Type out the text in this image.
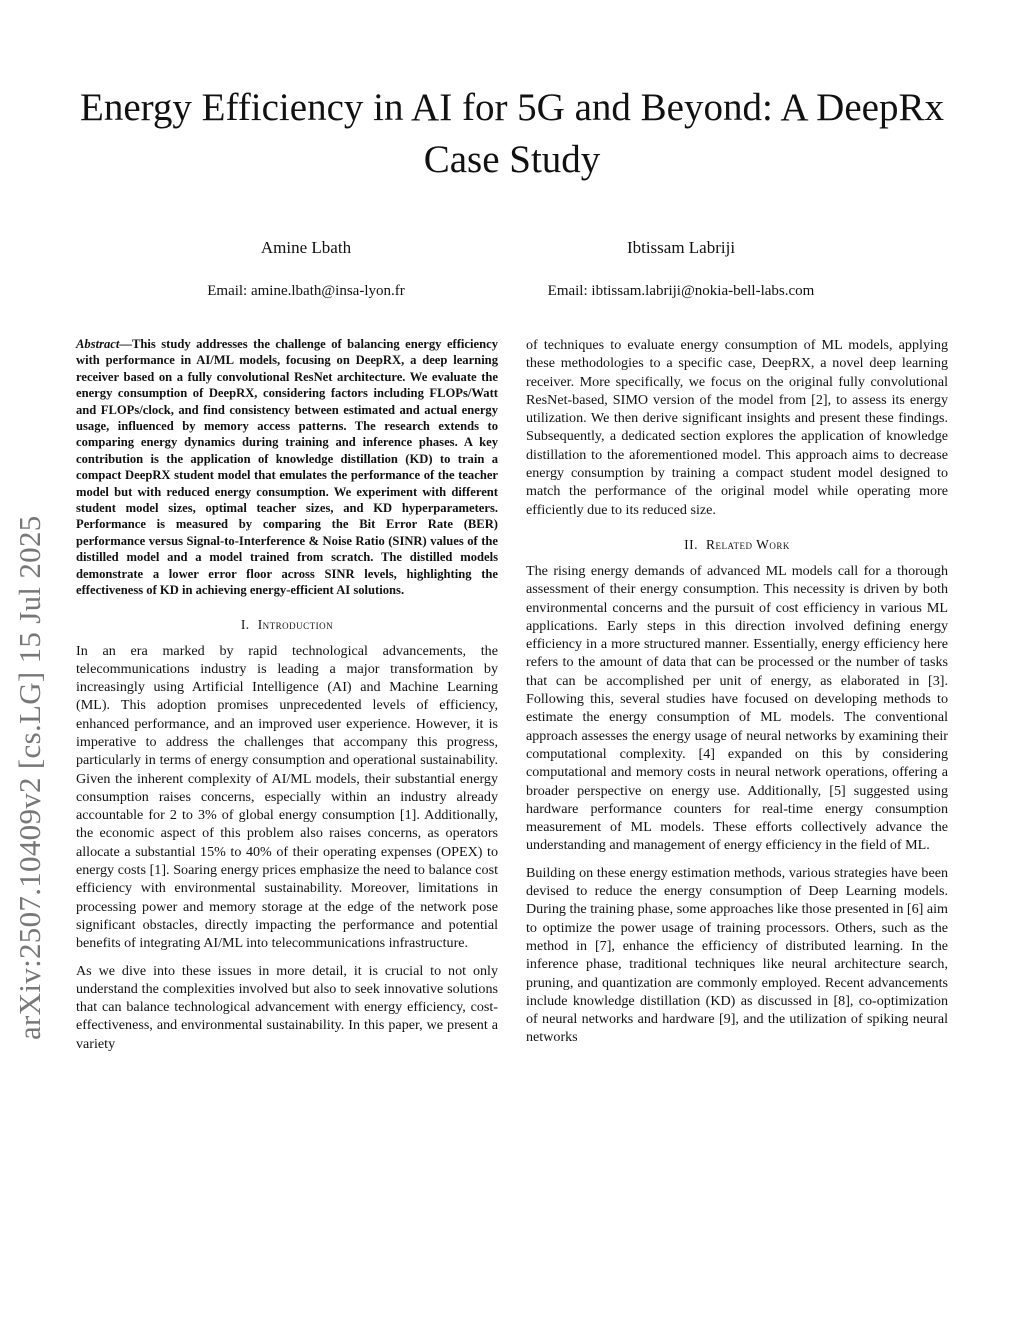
Energy Efficiency in AI for 5G and Beyond: A DeepRx Case Study
Amine Lbath
Email: amine.lbath@insa-lyon.fr
Ibtissam Labriji
Email: ibtissam.labriji@nokia-bell-labs.com
arXiv:2507.10409v2 [cs.LG] 15 Jul 2025

Abstract—This study addresses the challenge of balancing energy efficiency with performance in AI/ML models, focusing on DeepRX, a deep learning receiver based on a fully convolutional ResNet architecture. We evaluate the energy consumption of DeepRX, considering factors including FLOPs/Watt and FLOPs/clock, and find consistency between estimated and actual energy usage, influenced by memory access patterns. The research extends to comparing energy dynamics during training and inference phases. A key contribution is the application of knowledge distillation (KD) to train a compact DeepRX student model that emulates the performance of the teacher model but with reduced energy consumption. We experiment with different student model sizes, optimal teacher sizes, and KD hyperparameters. Performance is measured by comparing the Bit Error Rate (BER) performance versus Signal-to-Interference & Noise Ratio (SINR) values of the distilled model and a model trained from scratch. The distilled models demonstrate a lower error floor across SINR levels, highlighting the effectiveness of KD in achieving energy-efficient AI solutions.

I. Introduction

In an era marked by rapid technological advancements, the telecommunications industry is leading a major transformation by increasingly using Artificial Intelligence (AI) and Machine Learning (ML). This adoption promises unprecedented levels of efficiency, enhanced performance, and an improved user experience. However, it is imperative to address the challenges that accompany this progress, particularly in terms of energy consumption and operational sustainability. Given the inherent complexity of AI/ML models, their substantial energy consumption raises concerns, especially within an industry already accountable for 2 to 3% of global energy consumption [1]. Additionally, the economic aspect of this problem also raises concerns, as operators allocate a substantial 15% to 40% of their operating expenses (OPEX) to energy costs [1]. Soaring energy prices emphasize the need to balance cost efficiency with environmental sustainability. Moreover, limitations in processing power and memory storage at the edge of the network pose significant obstacles, directly impacting the performance and potential benefits of integrating AI/ML into telecommunications infrastructure.

As we dive into these issues in more detail, it is crucial to not only understand the complexities involved but also to seek innovative solutions that can balance technological advancement with energy efficiency, cost-effectiveness, and environmental sustainability. In this paper, we present a variety

of techniques to evaluate energy consumption of ML models, applying these methodologies to a specific case, DeepRX, a novel deep learning receiver. More specifically, we focus on the original fully convolutional ResNet-based, SIMO version of the model from [2], to assess its energy utilization. We then derive significant insights and present these findings. Subsequently, a dedicated section explores the application of knowledge distillation to the aforementioned model. This approach aims to decrease energy consumption by training a compact student model designed to match the performance of the original model while operating more efficiently due to its reduced size.

II. Related Work

The rising energy demands of advanced ML models call for a thorough assessment of their energy consumption. This necessity is driven by both environmental concerns and the pursuit of cost efficiency in various ML applications. Early steps in this direction involved defining energy efficiency in a more structured manner. Essentially, energy efficiency here refers to the amount of data that can be processed or the number of tasks that can be accomplished per unit of energy, as elaborated in [3]. Following this, several studies have focused on developing methods to estimate the energy consumption of ML models. The conventional approach assesses the energy usage of neural networks by examining their computational complexity. [4] expanded on this by considering computational and memory costs in neural network operations, offering a broader perspective on energy use. Additionally, [5] suggested using hardware performance counters for real-time energy consumption measurement of ML models. These efforts collectively advance the understanding and management of energy efficiency in the field of ML.

Building on these energy estimation methods, various strategies have been devised to reduce the energy consumption of Deep Learning models. During the training phase, some approaches like those presented in [6] aim to optimize the power usage of training processors. Others, such as the method in [7], enhance the efficiency of distributed learning. In the inference phase, traditional techniques like neural architecture search, pruning, and quantization are commonly employed. Recent advancements include knowledge distillation (KD) as discussed in [8], co-optimization of neural networks and hardware [9], and the utilization of spiking neural networks
